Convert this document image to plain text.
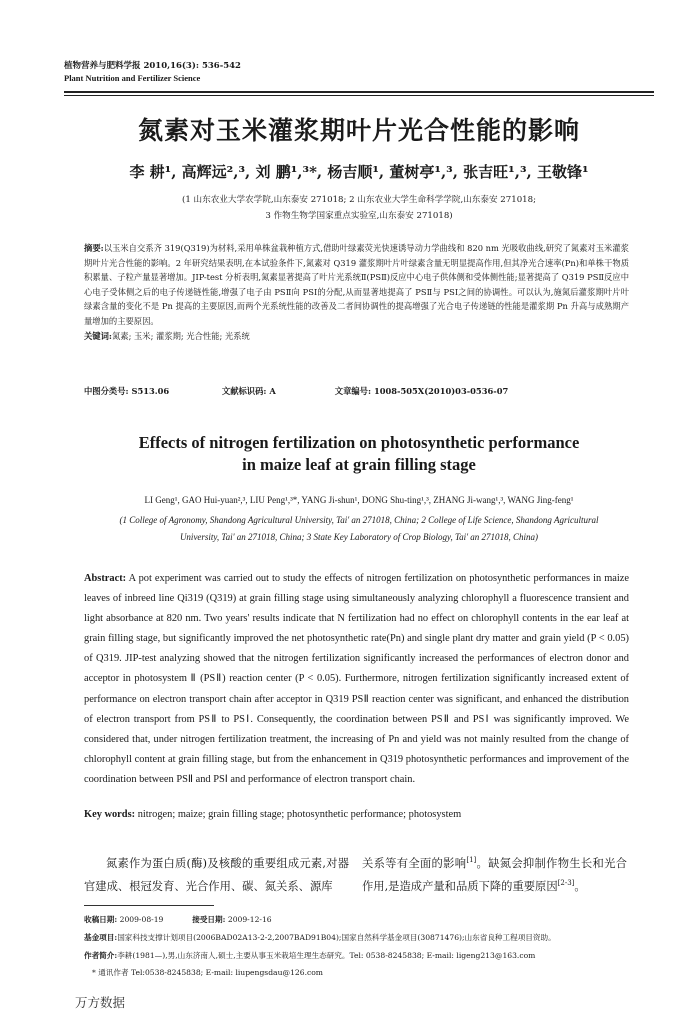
植物营养与肥料学报 2010,16(3): 536-542
Plant Nutrition and Fertilizer Science
氮素对玉米灌浆期叶片光合性能的影响
李 耕¹, 高辉远²,³, 刘 鹏¹,³*, 杨吉顺¹, 董树亭¹,³, 张吉旺¹,³, 王敬锋¹
(1 山东农业大学农学院,山东泰安 271018; 2 山东农业大学生命科学学院,山东泰安 271018;
3 作物生物学国家重点实验室,山东泰安 271018)

摘要:以玉米自交系齐 319(Q319)为材料,采用单株盆栽种植方式,借助叶绿素荧光快速诱导动力学曲线和 820 nm 光吸收曲线,研究了氮素对玉米灌浆期叶片光合性能的影响。2 年研究结果表明,在本试验条件下,氮素对 Q319 灌浆期叶片叶绿素含量无明显提高作用,但其净光合速率(Pn)和单株干物质积累量、子粒产量显著增加。JIP-test 分析表明,氮素显著提高了叶片光系统Ⅱ(PSⅡ)反应中心电子供体侧和受体侧性能;显著提高了 Q319 PSⅡ反应中心电子受体侧之后的电子传递链性能,增强了电子由 PSⅡ向 PSⅠ的分配,从而显著地提高了 PSⅡ与 PSⅠ之间的协调性。可以认为,施氮后灌浆期叶片叶绿素含量的变化不是 Pn 提高的主要原因,而两个光系统性能的改善及二者间协调性的提高增强了光合电子传递链的性能是灌浆期 Pn 升高与成熟期产量增加的主要原因。

关键词:氮素; 玉米; 灌浆期; 光合性能; 光系统

中图分类号: S513.06	文献标识码: A	文章编号: 1008-505X(2010)03-0536-07
Effects of nitrogen fertilization on photosynthetic performance
in maize leaf at grain filling stage
LI Geng¹, GAO Hui-yuan²,³, LIU Peng¹,³*, YANG Ji-shun¹, DONG Shu-ting¹,³, ZHANG Ji-wang¹,³, WANG Jing-feng¹
(1 College of Agronomy, Shandong Agricultural University, Tai' an 271018, China; 2 College of Life Science, Shandong Agricultural
University, Tai' an 271018, China; 3 State Key Laboratory of Crop Biology, Tai' an 271018, China)

Abstract: A pot experiment was carried out to study the effects of nitrogen fertilization on photosynthetic performances in maize leaves of inbreed line Qi319 (Q319) at grain filling stage using simultaneously analyzing chlorophyll a fluorescence transient and light absorbance at 820 nm. Two years' results indicate that N fertilization had no effect on chlorophyll contents in the ear leaf at grain filling stage, but significantly improved the net photosynthetic rate(Pn) and single plant dry matter and grain yield (P < 0.05) of Q319. JIP-test analyzing showed that the nitrogen fertilization significantly increased the performances of electron donor and acceptor in photosystem Ⅱ (PSⅡ) reaction center (P < 0.05). Furthermore, nitrogen fertilization significantly increased extent of performance on electron transport chain after acceptor in Q319 PSⅡ reaction center was significant, and enhanced the distribution of electron transport from PSⅡ to PSⅠ. Consequently, the coordination between PSⅡ and PSⅠ was significantly improved. We considered that, under nitrogen fertilization treatment, the increasing of Pn and yield was not mainly resulted from the change of chlorophyll content at grain filling stage, but from the enhancement in Q319 photosynthetic performances and improvement of the coordination between PSⅡ and PSⅠ and performance of electron transport chain.

Key words: nitrogen; maize; grain filling stage; photosynthetic performance; photosystem

氮素作为蛋白质(酶)及核酸的重要组成元素,对器官建成、根冠发育、光合作用、碳、氮关系、源库

关系等有全面的影响[1]。缺氮会抑制作物生长和光合作用,是造成产量和品质下降的重要原因[2-3]。

收稿日期: 2009-08-19	接受日期: 2009-12-16
基金项目:国家科技支撑计划项目(2006BAD02A13-2-2,2007BAD91B04);国家自然科学基金项目(30871476);山东省良种工程项目资助。
作者简介:李耕(1981—),男,山东济南人,硕士,主要从事玉米栽培生理生态研究。Tel: 0538-8245838; E-mail: ligeng213@163.com
* 通讯作者 Tel:0538-8245838; E-mail: liupengsdau@126.com
万方数据
